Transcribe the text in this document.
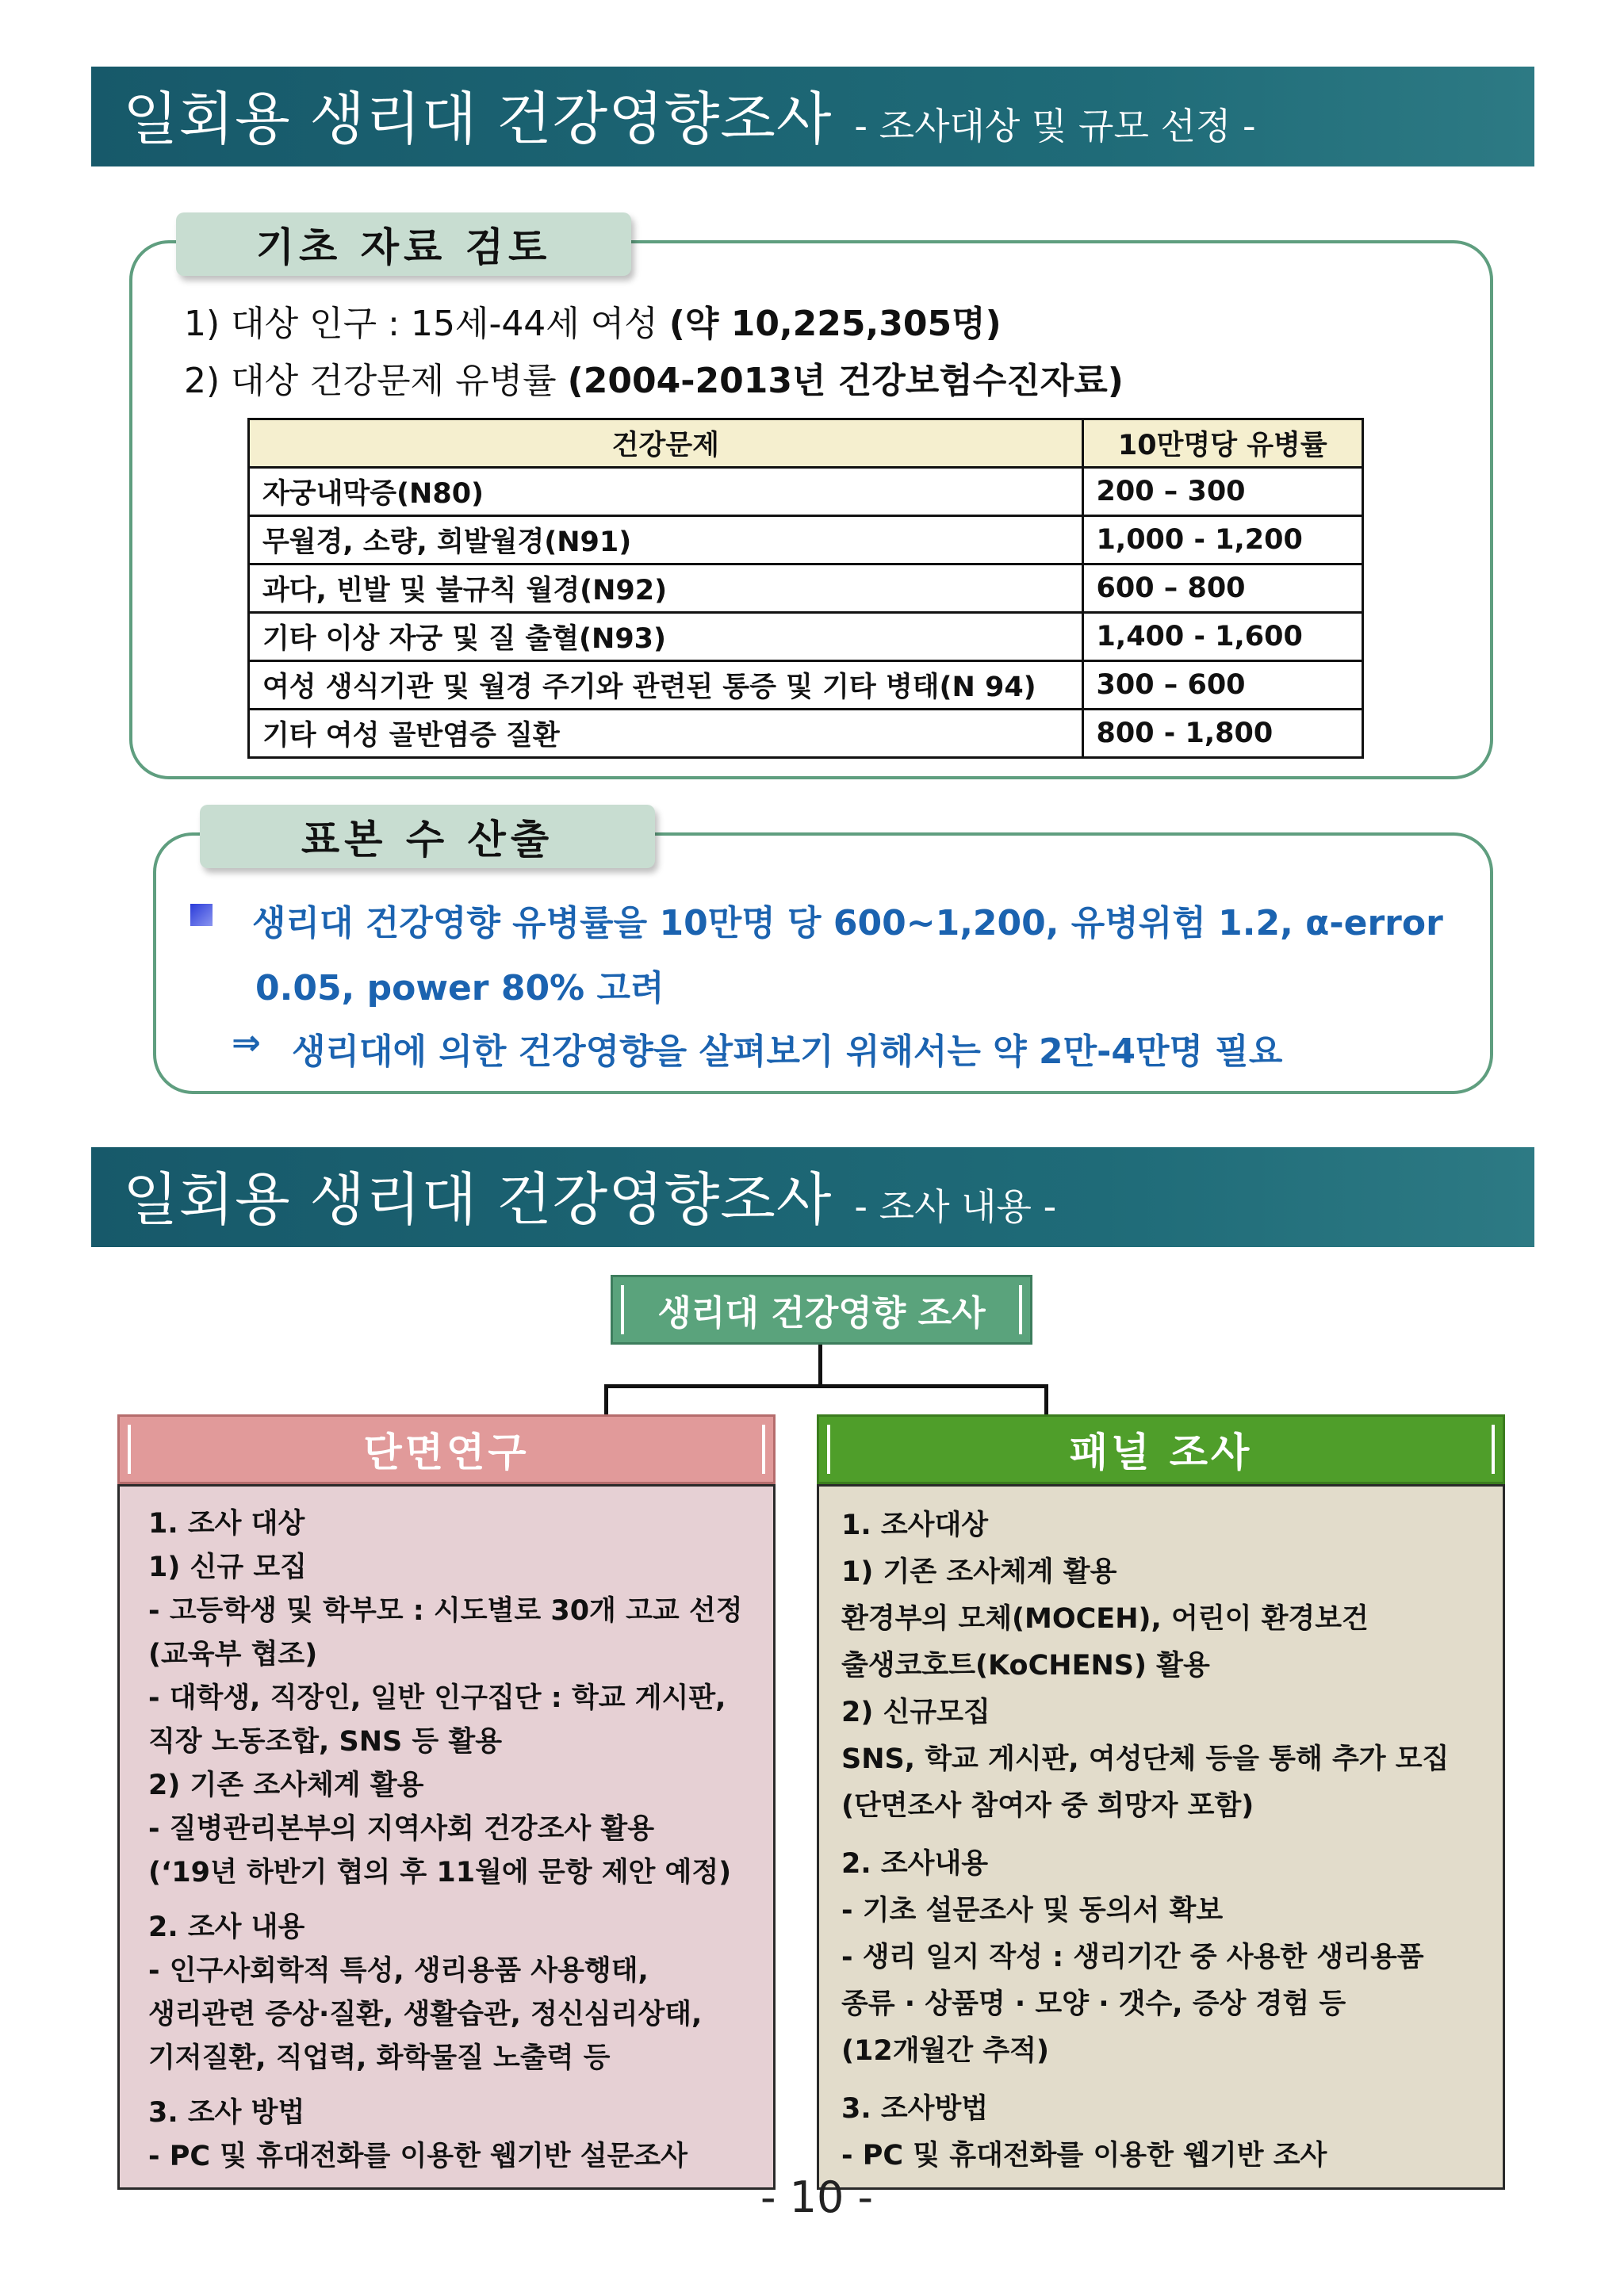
일회용 생리대 건강영향조사 - 조사대상 및 규모 선정 -
기초 자료 검토
1) 대상 인구 : 15세-44세 여성 (약 10,225,305명)
2) 대상 건강문제 유병률 (2004-2013년 건강보험수진자료)
건강문제	10만명당 유병률
자궁내막증(N80)	200 – 300
무월경, 소량, 희발월경(N91)	1,000 - 1,200
과다, 빈발 및 불규칙 월경(N92)	600 – 800
기타 이상 자궁 및 질 출혈(N93)	1,400 - 1,600
여성 생식기관 및 월경 주기와 관련된 통증 및 기타 병태(N 94)	300 – 600
기타 여성 골반염증 질환	800 - 1,800
표본 수 산출
생리대 건강영향 유병률을 10만명 당 600~1,200, 유병위험 1.2, α-error
0.05, power 80% 고려
⇒ 생리대에 의한 건강영향을 살펴보기 위해서는 약 2만-4만명 필요
일회용 생리대 건강영향조사 - 조사 내용 -
생리대 건강영향 조사
단면연구
1. 조사 대상
1) 신규 모집
- 고등학생 및 학부모 : 시도별로 30개 고교 선정
(교육부 협조)
- 대학생, 직장인, 일반 인구집단 : 학교 게시판,
직장 노동조합, SNS 등 활용
2) 기존 조사체계 활용
- 질병관리본부의 지역사회 건강조사 활용
(‘19년 하반기 협의 후 11월에 문항 제안 예정)
2. 조사 내용
- 인구사회학적 특성, 생리용품 사용행태,
생리관련 증상·질환, 생활습관, 정신심리상태,
기저질환, 직업력, 화학물질 노출력 등
3. 조사 방법
- PC 및 휴대전화를 이용한 웹기반 설문조사
패널 조사
1. 조사대상
1) 기존 조사체계 활용
환경부의 모체(MOCEH), 어린이 환경보건
출생코호트(KoCHENS) 활용
2) 신규모집
SNS, 학교 게시판, 여성단체 등을 통해 추가 모집
(단면조사 참여자 중 희망자 포함)
2. 조사내용
- 기초 설문조사 및 동의서 확보
- 생리 일지 작성 : 생리기간 중 사용한 생리용품
종류 · 상품명 · 모양 · 갯수, 증상 경험 등
(12개월간 추적)
3. 조사방법
- PC 및 휴대전화를 이용한 웹기반 조사
- 10 -
